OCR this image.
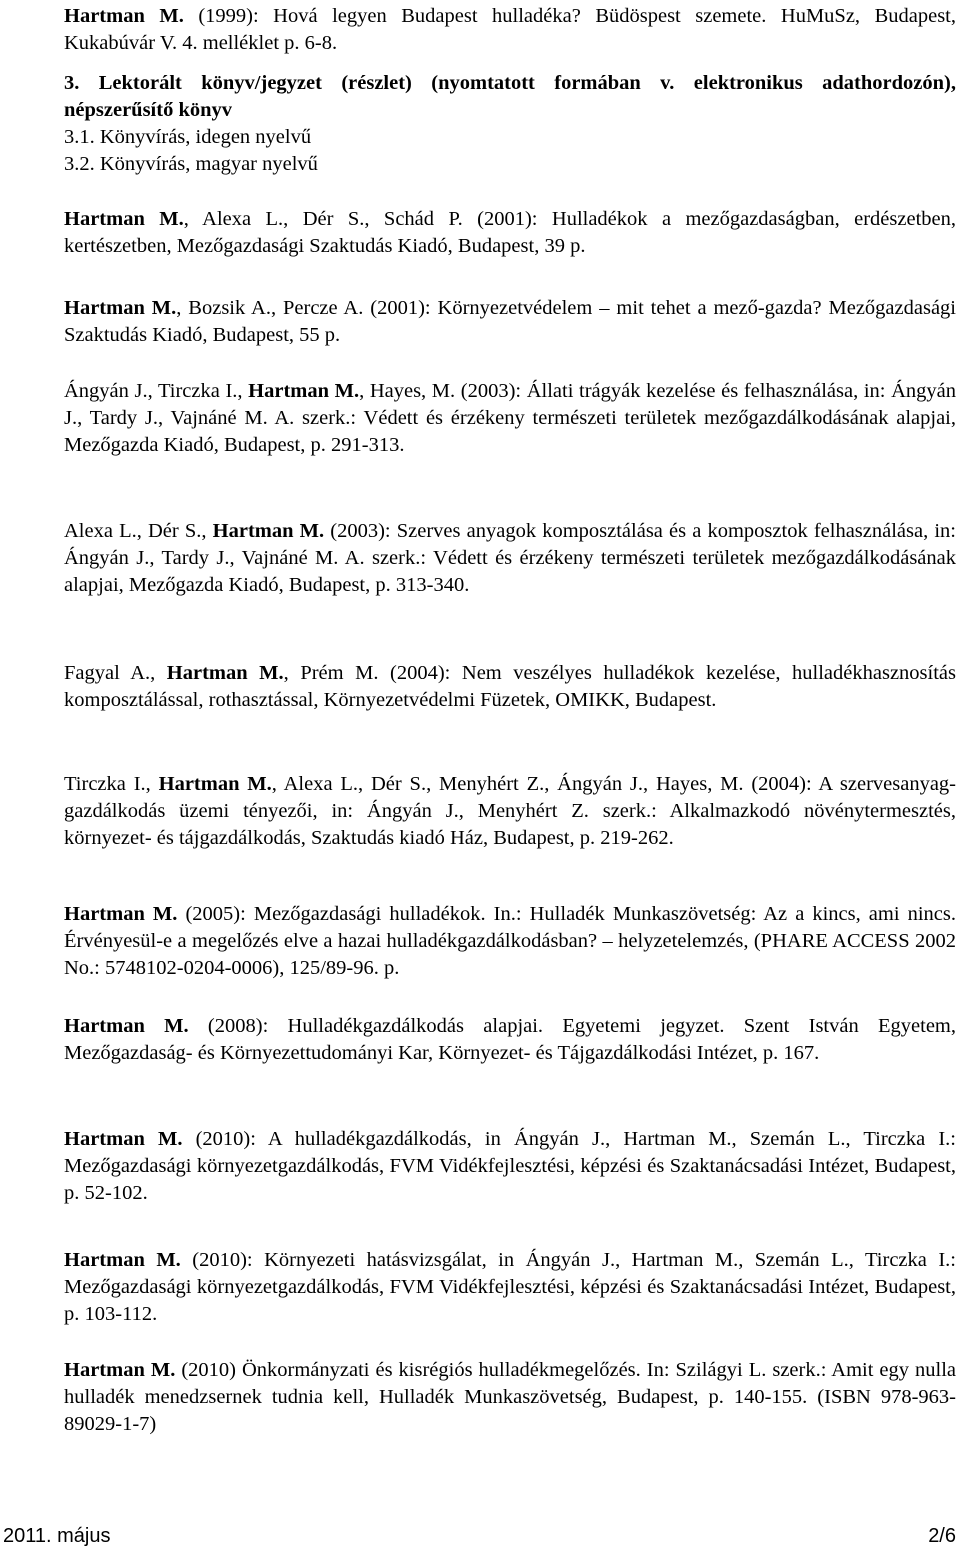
Hartman M. (1999): Hová legyen Budapest hulladéka? Büdöspest szemete. HuMuSz, Budapest, Kukabúvár V. 4. melléklet p. 6-8.

3. Lektorált könyv/jegyzet (részlet) (nyomtatott formában v. elektronikus adathordozón), népszerűsítő könyv
3.1. Könyvírás, idegen nyelvű
3.2. Könyvírás, magyar nyelvű

Hartman M., Alexa L., Dér S., Schád P. (2001): Hulladékok a mezőgazdaságban, erdészetben, kertészetben, Mezőgazdasági Szaktudás Kiadó, Budapest, 39 p.

Hartman M., Bozsik A., Percze A. (2001): Környezetvédelem – mit tehet a mező-gazda? Mezőgazdasági Szaktudás Kiadó, Budapest, 55 p.

Ángyán J., Tirczka I., Hartman M., Hayes, M. (2003): Állati trágyák kezelése és felhasználása, in: Ángyán J., Tardy J., Vajnáné M. A. szerk.: Védett és érzékeny természeti területek mezőgazdálkodásának alapjai, Mezőgazda Kiadó, Budapest, p. 291-313.

Alexa L., Dér S., Hartman M. (2003): Szerves anyagok komposztálása és a komposztok felhasználása, in: Ángyán J., Tardy J., Vajnáné M. A. szerk.: Védett és érzékeny természeti területek mezőgazdálkodásának alapjai, Mezőgazda Kiadó, Budapest, p. 313-340.

Fagyal A., Hartman M., Prém M. (2004): Nem veszélyes hulladékok kezelése, hulladékhasznosítás komposztálással, rothasztással, Környezetvédelmi Füzetek, OMIKK, Budapest.

Tirczka I., Hartman M., Alexa L., Dér S., Menyhért Z., Ángyán J., Hayes, M. (2004): A szervesanyag-gazdálkodás üzemi tényezői, in: Ángyán J., Menyhért Z. szerk.: Alkalmazkodó növénytermesztés, környezet- és tájgazdálkodás, Szaktudás kiadó Ház, Budapest, p. 219-262.

Hartman M. (2005): Mezőgazdasági hulladékok. In.: Hulladék Munkaszövetség: Az a kincs, ami nincs. Érvényesül-e a megelőzés elve a hazai hulladékgazdálkodásban? – helyzetelemzés, (PHARE ACCESS 2002 No.: 5748102-0204-0006), 125/89-96. p.

Hartman M. (2008): Hulladékgazdálkodás alapjai. Egyetemi jegyzet. Szent István Egyetem, Mezőgazdaság- és Környezettudományi Kar, Környezet- és Tájgazdálkodási Intézet, p. 167.

Hartman M. (2010): A hulladékgazdálkodás, in Ángyán J., Hartman M., Szemán L., Tirczka I.: Mezőgazdasági környezetgazdálkodás, FVM Vidékfejlesztési, képzési és Szaktanácsadási Intézet, Budapest, p. 52-102.

Hartman M. (2010): Környezeti hatásvizsgálat, in Ángyán J., Hartman M., Szemán L., Tirczka I.: Mezőgazdasági környezetgazdálkodás, FVM Vidékfejlesztési, képzési és Szaktanácsadási Intézet, Budapest, p. 103-112.

Hartman M. (2010) Önkormányzati és kisrégiós hulladékmegelőzés. In: Szilágyi L. szerk.: Amit egy nulla hulladék menedzsernek tudnia kell, Hulladék Munkaszövetség, Budapest, p. 140-155. (ISBN 978-963-89029-1-7)

2011. május	2/6
